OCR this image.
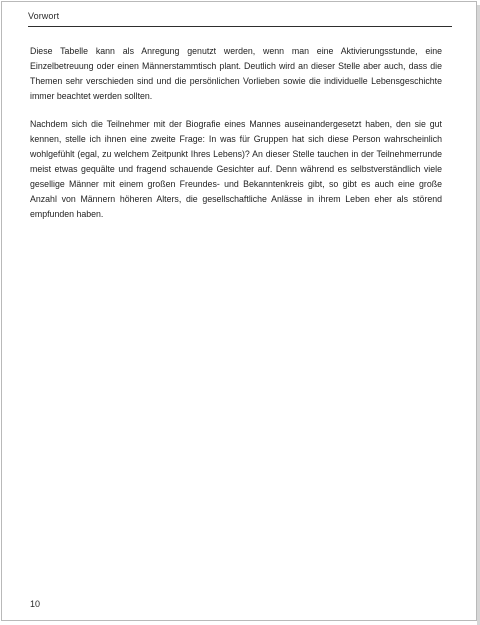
Vorwort

Diese Tabelle kann als Anregung genutzt werden, wenn man eine Aktivierungsstunde, eine Einzelbetreuung oder einen Männerstammtisch plant. Deutlich wird an dieser Stelle aber auch, dass die Themen sehr verschieden sind und die persönlichen Vorlieben sowie die individuelle Lebensgeschichte immer beachtet werden sollten.

Nachdem sich die Teilnehmer mit der Biografie eines Mannes auseinandergesetzt haben, den sie gut kennen, stelle ich ihnen eine zweite Frage: In was für Gruppen hat sich diese Person wahrscheinlich wohlgefühlt (egal, zu welchem Zeitpunkt Ihres Lebens)? An dieser Stelle tauchen in der Teilnehmerrunde meist etwas gequälte und fragend schauende Gesichter auf. Denn während es selbstverständlich viele gesellige Männer mit einem großen Freundes- und Bekanntenkreis gibt, so gibt es auch eine große Anzahl von Männern höheren Alters, die gesellschaftliche Anlässe in ihrem Leben eher als störend empfunden haben.

10
